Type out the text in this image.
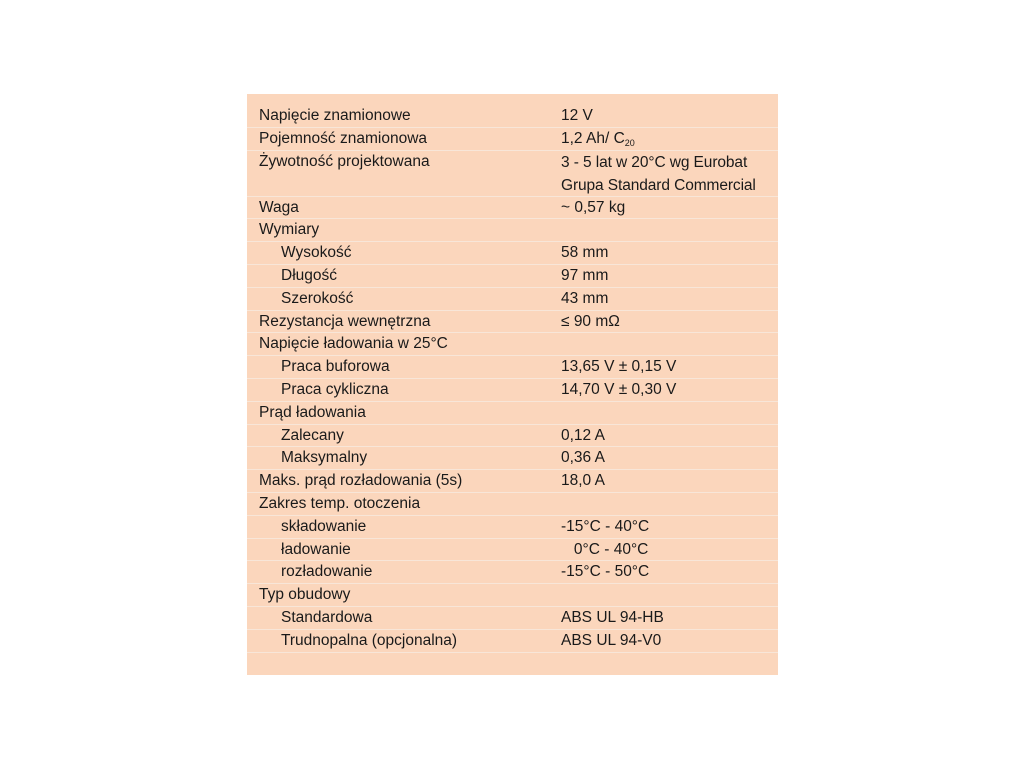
Napięcie znamionowe	12 V
Pojemność znamionowa	1,2 Ah/ C20
Żywotność projektowana	3 - 5 lat w 20°C wg Eurobat
Grupa Standard Commercial
Waga	~ 0,57 kg
Wymiary
Wysokość	58 mm
Długość	97 mm
Szerokość	43 mm
Rezystancja wewnętrzna	≤ 90 mΩ
Napięcie ładowania w 25°C
Praca buforowa	13,65 V ± 0,15 V
Praca cykliczna	14,70 V ± 0,30 V
Prąd ładowania
Zalecany	0,12 A
Maksymalny	0,36 A
Maks. prąd rozładowania (5s)	18,0 A
Zakres temp. otoczenia
składowanie	-15°C - 40°C
ładowanie	0°C - 40°C
rozładowanie	-15°C - 50°C
Typ obudowy
Standardowa	ABS UL 94-HB
Trudnopalna (opcjonalna)	ABS UL 94-V0
